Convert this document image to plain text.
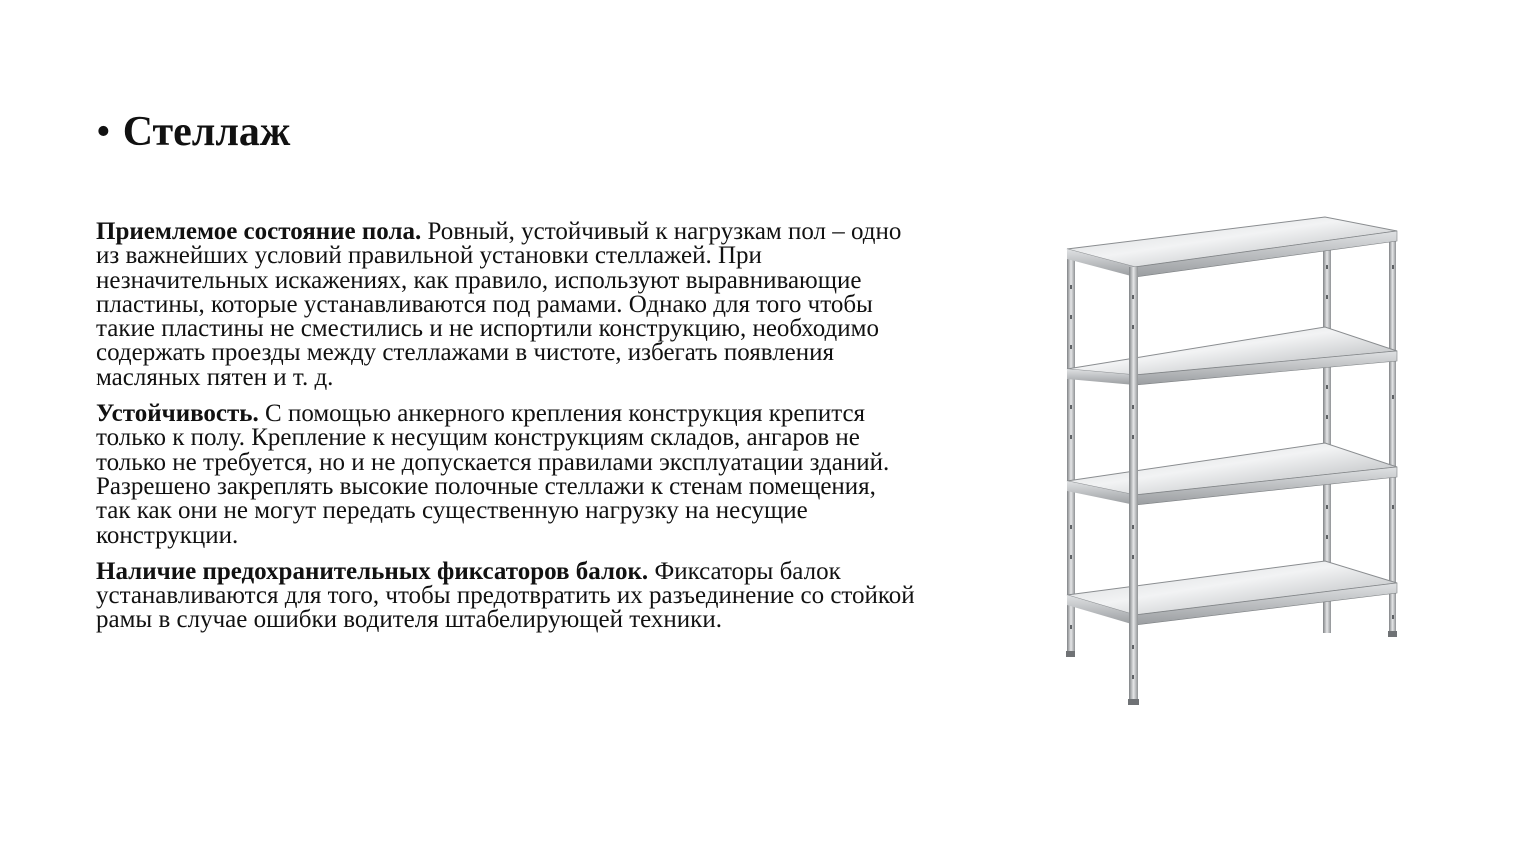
• Стеллаж

Приемлемое состояние пола. Ровный, устойчивый к нагрузкам пол – одно из важнейших условий правильной установки стеллажей. При незначительных искажениях, как правило, используют выравнивающие пластины, которые устанавливаются под рамами. Однако для того чтобы такие пластины не сместились и не испортили конструкцию, необходимо содержать проезды между стеллажами в чистоте, избегать появления масляных пятен и т. д.

Устойчивость. С помощью анкерного крепления конструкция крепится только к полу. Крепление к несущим конструкциям складов, ангаров не только не требуется, но и не допускается правилами эксплуатации зданий. Разрешено закреплять высокие полочные стеллажи к стенам помещения, так как они не могут передать существенную нагрузку на несущие конструкции.

Наличие предохранительных фиксаторов балок. Фиксаторы балок устанавливаются для того, чтобы предотвратить их разъединение со стойкой рамы в случае ошибки водителя штабелирующей техники.
